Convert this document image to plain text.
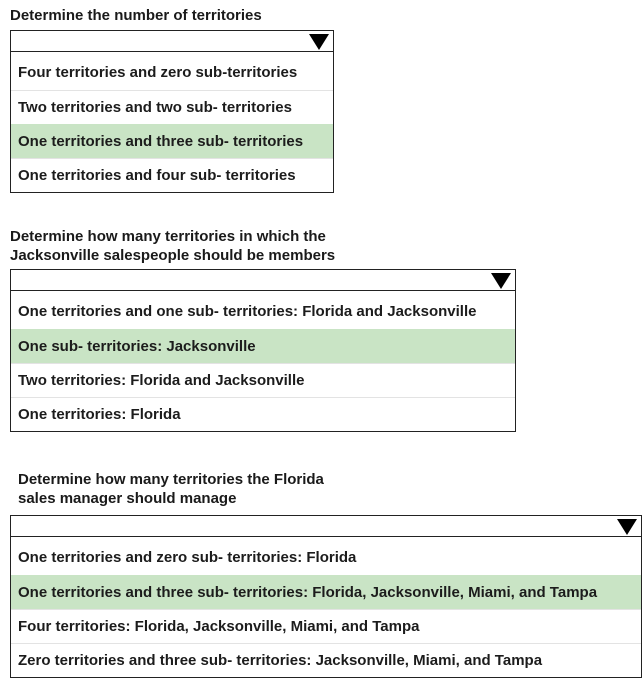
Determine the number of territories

Four territories and zero sub-territories
Two territories and two sub- territories
One territories and three sub- territories
One territories and four sub- territories

Determine how many territories in which the
Jacksonville salespeople should be members

One territories and one sub- territories: Florida and Jacksonville
One sub- territories: Jacksonville
Two territories: Florida and Jacksonville
One territories: Florida

Determine how many territories the Florida
sales manager should manage

One territories and zero sub- territories: Florida
One territories and three sub- territories: Florida, Jacksonville, Miami, and Tampa
Four territories: Florida, Jacksonville, Miami, and Tampa
Zero territories and three sub- territories: Jacksonville, Miami, and Tampa
